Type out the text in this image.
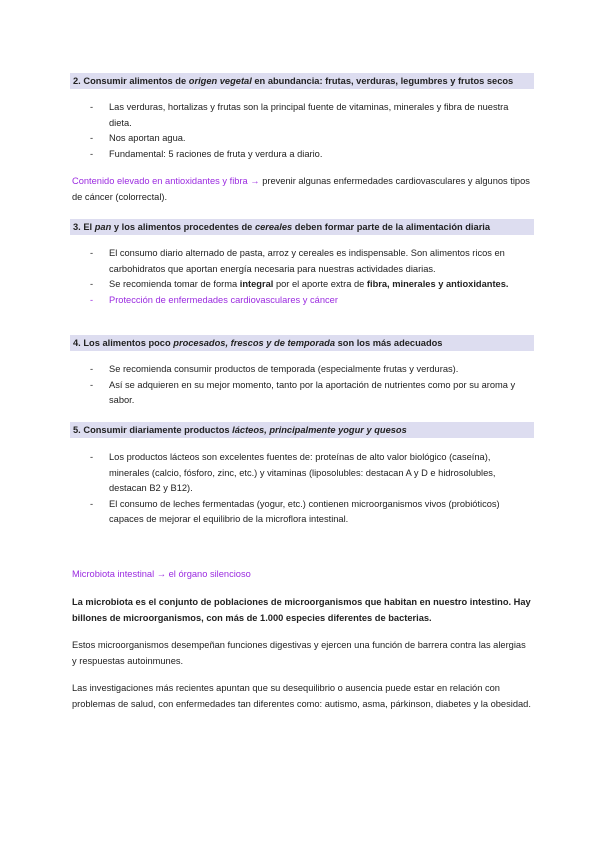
2. Consumir alimentos de origen vegetal en abundancia: frutas, verduras, legumbres y frutos secos
- Las verduras, hortalizas y frutas son la principal fuente de vitaminas, minerales y fibra de nuestra dieta.
- Nos aportan agua.
- Fundamental: 5 raciones de fruta y verdura a diario.

Contenido elevado en antioxidantes y fibra → prevenir algunas enfermedades cardiovasculares y algunos tipos de cáncer (colorrectal).

3. El pan y los alimentos procedentes de cereales deben formar parte de la alimentación diaria
- El consumo diario alternado de pasta, arroz y cereales es indispensable. Son alimentos ricos en carbohidratos que aportan energía necesaria para nuestras actividades diarias.
- Se recomienda tomar de forma integral por el aporte extra de fibra, minerales y antioxidantes.
- Protección de enfermedades cardiovasculares y cáncer
4. Los alimentos poco procesados, frescos y de temporada son los más adecuados
- Se recomienda consumir productos de temporada (especialmente frutas y verduras).
- Así se adquieren en su mejor momento, tanto por la aportación de nutrientes como por su aroma y sabor.
5. Consumir diariamente productos lácteos, principalmente yogur y quesos
- Los productos lácteos son excelentes fuentes de: proteínas de alto valor biológico (caseína), minerales (calcio, fósforo, zinc, etc.) y vitaminas (liposolubles: destacan A y D e hidrosolubles, destacan B2 y B12).
- El consumo de leches fermentadas (yogur, etc.) contienen microorganismos vivos (probióticos) capaces de mejorar el equilibrio de la microflora intestinal.
Microbiota intestinal → el órgano silencioso

La microbiota es el conjunto de poblaciones de microorganismos que habitan en nuestro intestino. Hay billones de microorganismos, con más de 1.000 especies diferentes de bacterias.

Estos microorganismos desempeñan funciones digestivas y ejercen una función de barrera contra las alergias y respuestas autoinmunes.

Las investigaciones más recientes apuntan que su desequilibrio o ausencia puede estar en relación con problemas de salud, con enfermedades tan diferentes como: autismo, asma, párkinson, diabetes y la obesidad.
